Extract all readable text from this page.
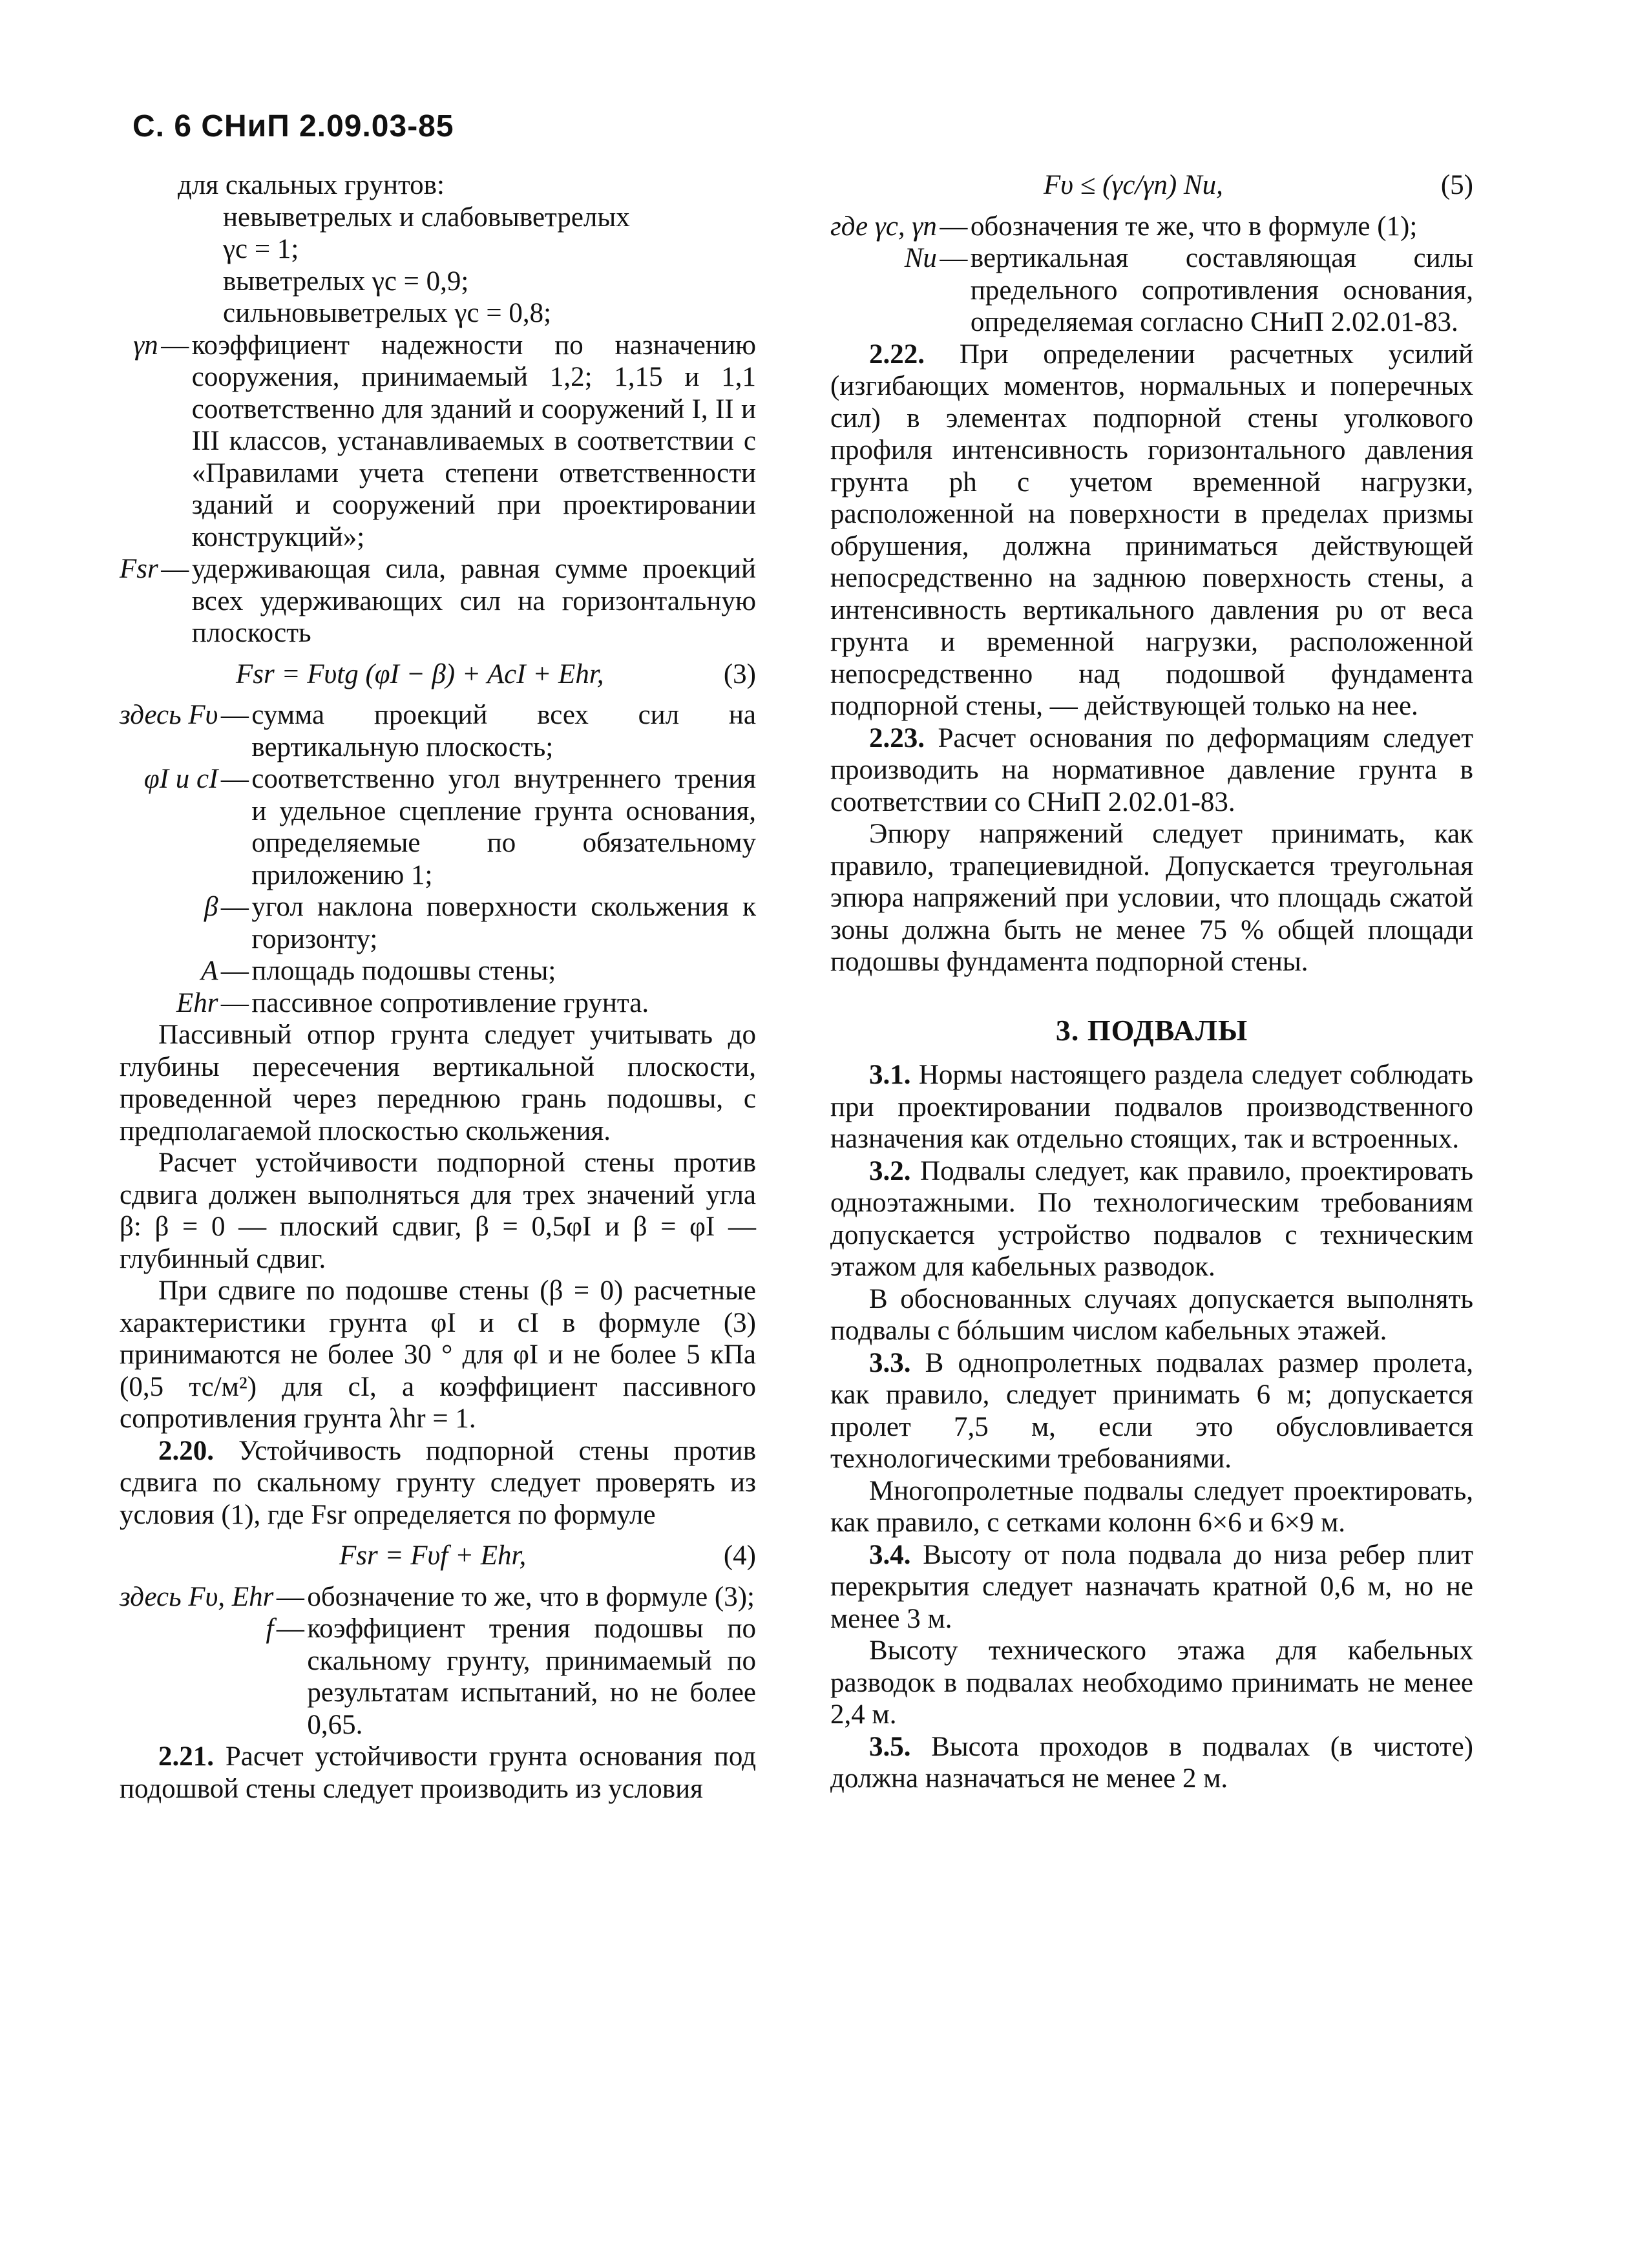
С. 6 СНиП 2.09.03-85
для скальных грунтов:
невыветрелых и слабовыветрелых
γc = 1;
выветрелых γc = 0,9;
сильновыветрелых γc = 0,8;
γn — коэффициент надежности по назначению сооружения, принимаемый 1,2; 1,15 и 1,1 соответственно для зданий и сооружений I, II и III классов, устанавливаемых в соответствии с «Правилами учета степени ответственности зданий и сооружений при проектировании конструкций»;
Fsr — удерживающая сила, равная сумме проекций всех удерживающих сил на горизонтальную плоскость
Fsr = Fυtg (φI − β) + AcI + Ehr,	(3)
здесь Fυ — сумма проекций всех сил на вертикальную плоскость;
φI и cI — соответственно угол внутреннего трения и удельное сцепление грунта основания, определяемые по обязательному приложению 1;
β — угол наклона поверхности скольжения к горизонту;
A — площадь подошвы стены;
Ehr — пассивное сопротивление грунта.

Пассивный отпор грунта следует учитывать до глубины пересечения вертикальной плоскости, проведенной через переднюю грань подошвы, с предполагаемой плоскостью скольжения.

Расчет устойчивости подпорной стены против сдвига должен выполняться для трех значений угла β: β = 0 — плоский сдвиг, β = 0,5φI и β = φI — глубинный сдвиг.

При сдвиге по подошве стены (β = 0) расчетные характеристики грунта φI и cI в формуле (3) принимаются не более 30 ° для φI и не более 5 кПа (0,5 тс/м²) для cI, а коэффициент пассивного сопротивления грунта λhr = 1.

2.20. Устойчивость подпорной стены против сдвига по скальному грунту следует проверять из условия (1), где Fsr определяется по формуле

Fsr = Fυf + Ehr,	(4)
здесь Fυ, Ehr — обозначение то же, что в формуле (3);
f — коэффициент трения подошвы по скальному грунту, принимаемый по результатам испытаний, но не более 0,65.

2.21. Расчет устойчивости грунта основания под подошвой стены следует производить из условия

Fυ ≤ (γc/γn) Nu,	(5)
где γc, γn — обозначения те же, что в формуле (1);
Nu — вертикальная составляющая силы предельного сопротивления основания, определяемая согласно СНиП 2.02.01-83.

2.22. При определении расчетных усилий (изгибающих моментов, нормальных и поперечных сил) в элементах подпорной стены уголкового профиля интенсивность горизонтального давления грунта ph с учетом временной нагрузки, расположенной на поверхности в пределах призмы обрушения, должна приниматься действующей непосредственно на заднюю поверхность стены, а интенсивность вертикального давления pυ от веса грунта и временной нагрузки, расположенной непосредственно над подошвой фундамента подпорной стены, — действующей только на нее.

2.23. Расчет основания по деформациям следует производить на нормативное давление грунта в соответствии со СНиП 2.02.01-83.

Эпюру напряжений следует принимать, как правило, трапециевидной. Допускается треугольная эпюра напряжений при условии, что площадь сжатой зоны должна быть не менее 75 % общей площади подошвы фундамента подпорной стены.

3. ПОДВАЛЫ

3.1. Нормы настоящего раздела следует соблюдать при проектировании подвалов производственного назначения как отдельно стоящих, так и встроенных.

3.2. Подвалы следует, как правило, проектировать одноэтажными. По технологическим требованиям допускается устройство подвалов с техническим этажом для кабельных разводок.

В обоснованных случаях допускается выполнять подвалы с бóльшим числом кабельных этажей.

3.3. В однопролетных подвалах размер пролета, как правило, следует принимать 6 м; допускается пролет 7,5 м, если это обусловливается технологическими требованиями.

Многопролетные подвалы следует проектировать, как правило, с сетками колонн 6×6 и 6×9 м.

3.4. Высоту от пола подвала до низа ребер плит перекрытия следует назначать кратной 0,6 м, но не менее 3 м.

Высоту технического этажа для кабельных разводок в подвалах необходимо принимать не менее 2,4 м.

3.5. Высота проходов в подвалах (в чистоте) должна назначаться не менее 2 м.
